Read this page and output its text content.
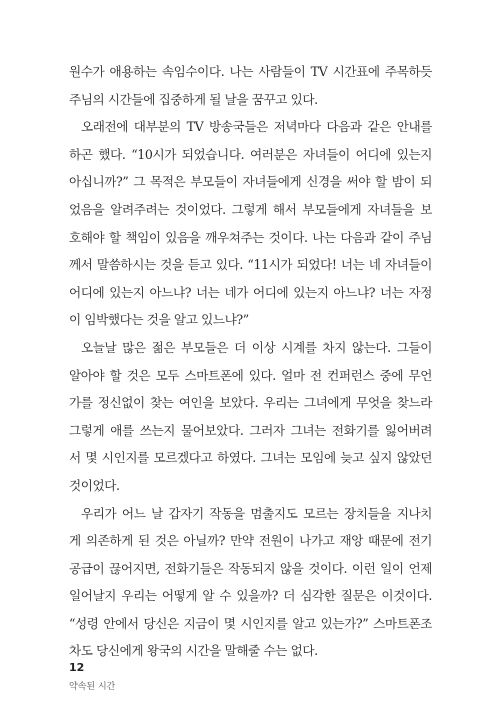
원수가 애용하는 속임수이다. 나는 사람들이 TV 시간표에 주목하듯
주님의 시간들에 집중하게 될 날을 꿈꾸고 있다.
오래전에 대부분의 TV 방송국들은 저녁마다 다음과 같은 안내를
하곤 했다. “10시가 되었습니다. 여러분은 자녀들이 어디에 있는지
아십니까?” 그 목적은 부모들이 자녀들에게 신경을 써야 할 밤이 되
었음을 알려주려는 것이었다. 그렇게 해서 부모들에게 자녀들을 보
호해야 할 책임이 있음을 깨우쳐주는 것이다. 나는 다음과 같이 주님
께서 말씀하시는 것을 듣고 있다. “11시가 되었다! 너는 네 자녀들이
어디에 있는지 아느냐? 너는 네가 어디에 있는지 아느냐? 너는 자정
이 임박했다는 것을 알고 있느냐?”
오늘날 많은 젊은 부모들은 더 이상 시계를 차지 않는다. 그들이
알아야 할 것은 모두 스마트폰에 있다. 얼마 전 컨퍼런스 중에 무언
가를 정신없이 찾는 여인을 보았다. 우리는 그녀에게 무엇을 찾느라
그렇게 애를 쓰는지 물어보았다. 그러자 그녀는 전화기를 잃어버려
서 몇 시인지를 모르겠다고 하였다. 그녀는 모임에 늦고 싶지 않았던
것이었다.
우리가 어느 날 갑자기 작동을 멈출지도 모르는 장치들을 지나치
게 의존하게 된 것은 아닐까? 만약 전원이 나가고 재앙 때문에 전기
공급이 끊어지면, 전화기들은 작동되지 않을 것이다. 이런 일이 언제
일어날지 우리는 어떻게 알 수 있을까? 더 심각한 질문은 이것이다.
“성령 안에서 당신은 지금이 몇 시인지를 알고 있는가?” 스마트폰조
차도 당신에게 왕국의 시간을 말해줄 수는 없다.
12
약속된 시간
